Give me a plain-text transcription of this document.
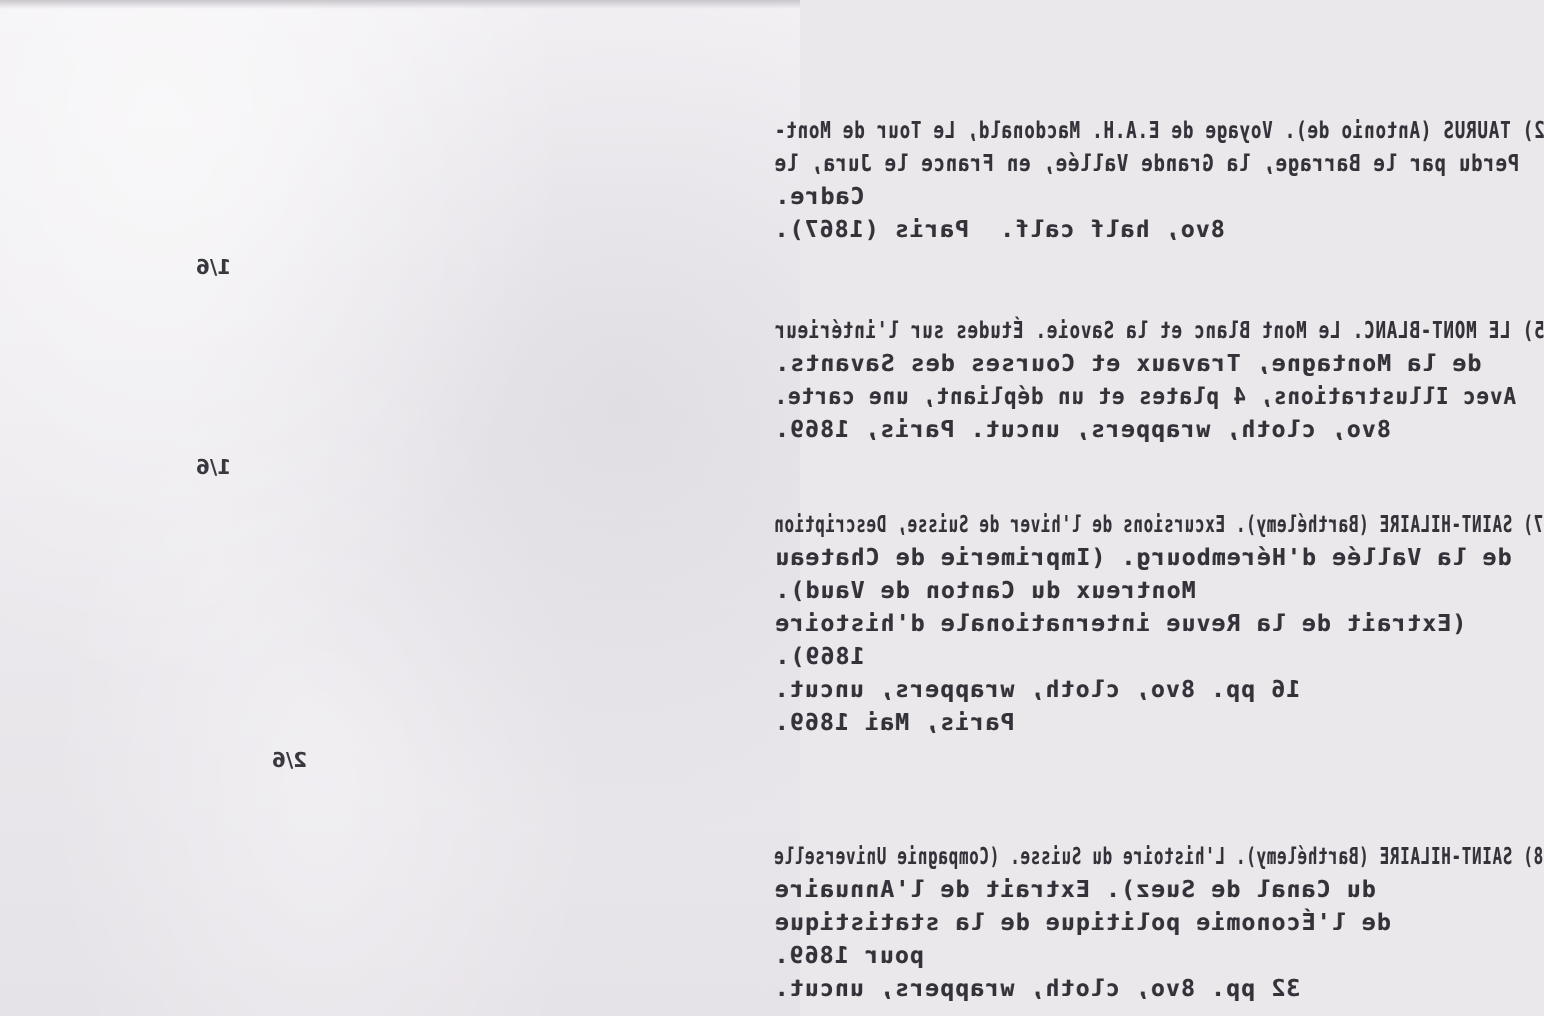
2) TAURUS (Antonio de). Voyage de E.A.H. Macdonald, Le Tour de Mont-
Perdu par le Barrage, la Grande Vallée, en France le Jura, le
Cadre.
8vo, half calf.  Paris (1867).
1/6
5) LE MONT-BLANC. Le Mont Blanc et la Savoie. Études sur l'intérieur
de la Montagne, Travaux et Courses des Savants.
Avec Illustrations, 4 plates et un dépliant, une carte.
8vo, cloth, wrappers, uncut. Paris, 1869.
1/6
7) SAINT-HILAIRE (Barthélemy). Excursions de l'hiver de Suisse, Description
de la Vallée d'Hérembourg. (Imprimerie de Chateau
Montreux du Canton de Vaud).
(Extrait de la Revue internationale d'histoire
1869).
16 pp. 8vo, cloth, wrappers, uncut.
Paris, Mai 1869.
2/6
8) SAINT-HILAIRE (Barthélemy). L'histoire du Suisse. (Compagnie Universelle
du Canal de Suez). Extrait de l'Annuaire
de l'Économie politique de la statistique
pour 1869.
32 pp. 8vo, cloth, wrappers, uncut.
